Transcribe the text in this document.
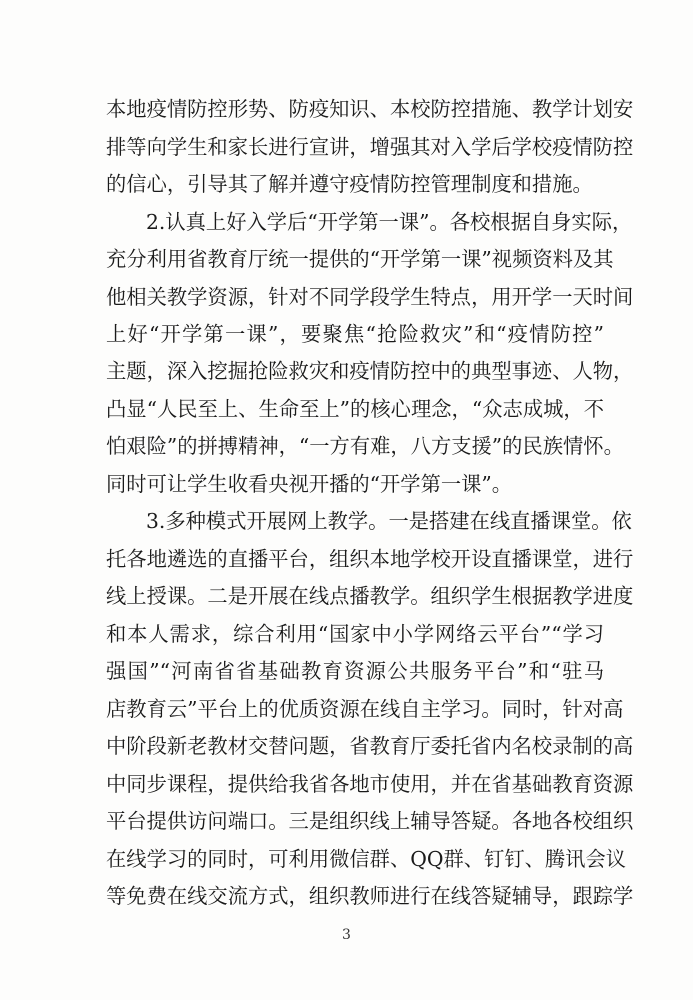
本地疫情防控形势、防疫知识、本校防控措施、教学计划安
排等向学生和家长进行宣讲，增强其对入学后学校疫情防控
的信心，引导其了解并遵守疫情防控管理制度和措施。
2.认真上好入学后“开学第一课”。各校根据自身实际，
充分利用省教育厅统一提供的“开学第一课”视频资料及其
他相关教学资源，针对不同学段学生特点，用开学一天时间
上好“开学第一课”，要聚焦“抢险救灾”和“疫情防控”
主题，深入挖掘抢险救灾和疫情防控中的典型事迹、人物，
凸显“人民至上、生命至上”的核心理念，“众志成城，不
怕艰险”的拼搏精神，“一方有难，八方支援”的民族情怀。
同时可让学生收看央视开播的“开学第一课”。
3.多种模式开展网上教学。一是搭建在线直播课堂。依
托各地遴选的直播平台，组织本地学校开设直播课堂，进行
线上授课。二是开展在线点播教学。组织学生根据教学进度
和本人需求，综合利用“国家中小学网络云平台”“学习
强国”“河南省省基础教育资源公共服务平台”和“驻马
店教育云”平台上的优质资源在线自主学习。同时，针对高
中阶段新老教材交替问题，省教育厅委托省内名校录制的高
中同步课程，提供给我省各地市使用，并在省基础教育资源
平台提供访问端口。三是组织线上辅导答疑。各地各校组织
在线学习的同时，可利用微信群、QQ群、钉钉、腾讯会议
等免费在线交流方式，组织教师进行在线答疑辅导，跟踪学
3
